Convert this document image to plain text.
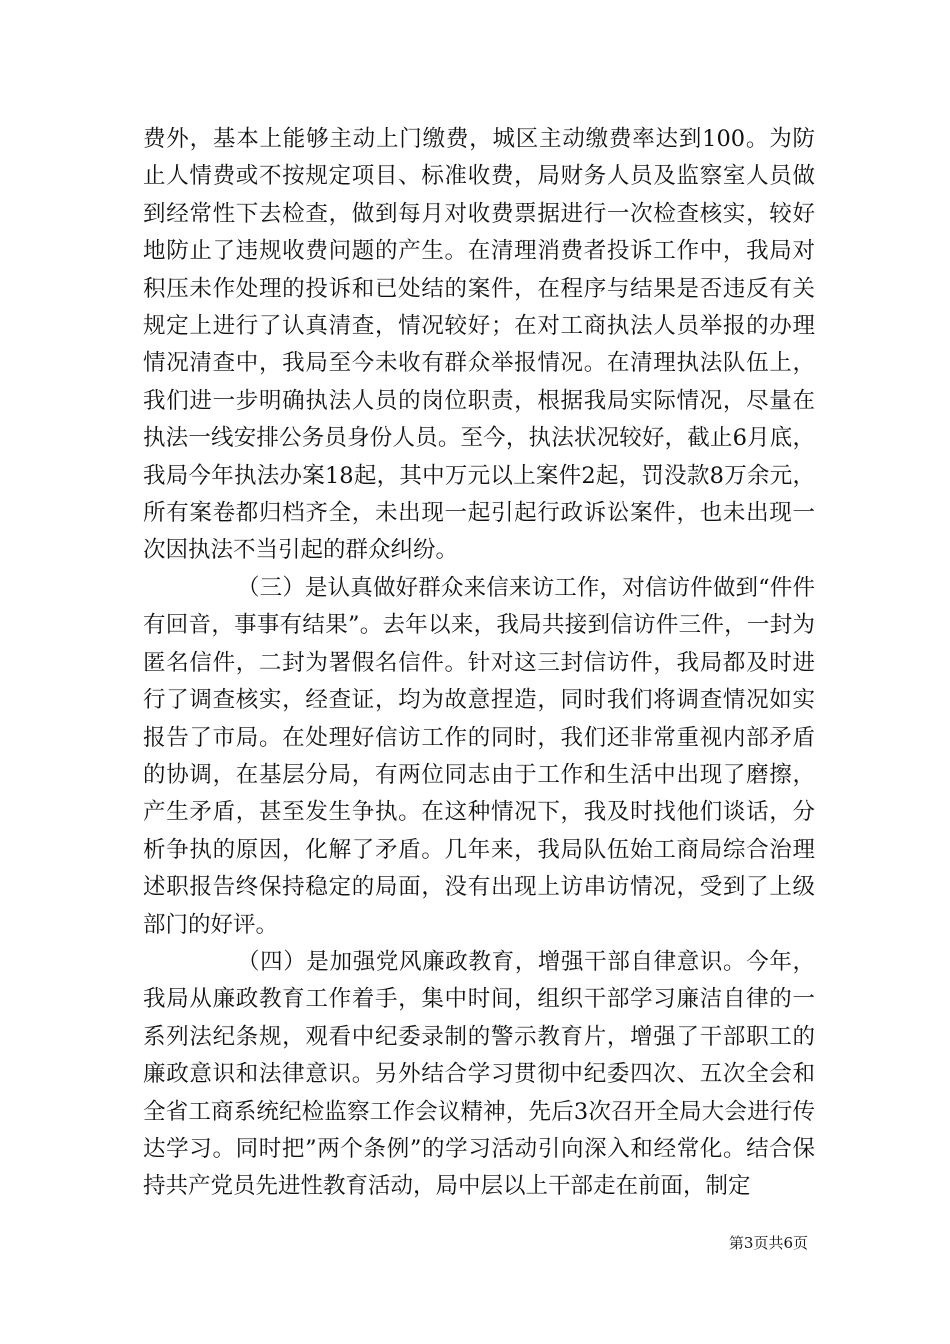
费外，基本上能够主动上门缴费，城区主动缴费率达到100。为防止人情费或不按规定项目、标准收费，局财务人员及监察室人员做到经常性下去检查，做到每月对收费票据进行一次检查核实，较好地防止了违规收费问题的产生。在清理消费者投诉工作中，我局对积压未作处理的投诉和已处结的案件，在程序与结果是否违反有关规定上进行了认真清查，情况较好；在对工商执法人员举报的办理情况清查中，我局至今未收有群众举报情况。在清理执法队伍上，我们进一步明确执法人员的岗位职责，根据我局实际情况，尽量在执法一线安排公务员身份人员。至今，执法状况较好，截止6月底，我局今年执法办案18起，其中万元以上案件2起，罚没款8万余元，所有案卷都归档齐全，未出现一起引起行政诉讼案件，也未出现一次因执法不当引起的群众纠纷。

（三）是认真做好群众来信来访工作，对信访件做到“件件有回音，事事有结果”。去年以来，我局共接到信访件三件，一封为匿名信件，二封为署假名信件。针对这三封信访件，我局都及时进行了调查核实，经查证，均为故意捏造，同时我们将调查情况如实报告了市局。在处理好信访工作的同时，我们还非常重视内部矛盾的协调，在基层分局，有两位同志由于工作和生活中出现了磨擦，产生矛盾，甚至发生争执。在这种情况下，我及时找他们谈话，分析争执的原因，化解了矛盾。几年来，我局队伍始工商局综合治理述职报告终保持稳定的局面，没有出现上访串访情况，受到了上级部门的好评。

（四）是加强党风廉政教育，增强干部自律意识。今年，我局从廉政教育工作着手，集中时间，组织干部学习廉洁自律的一系列法纪条规，观看中纪委录制的警示教育片，增强了干部职工的廉政意识和法律意识。另外结合学习贯彻中纪委四次、五次全会和全省工商系统纪检监察工作会议精神，先后3次召开全局大会进行传达学习。同时把”两个条例”的学习活动引向深入和经常化。结合保持共产党员先进性教育活动，局中层以上干部走在前面，制定

第3页共6页
